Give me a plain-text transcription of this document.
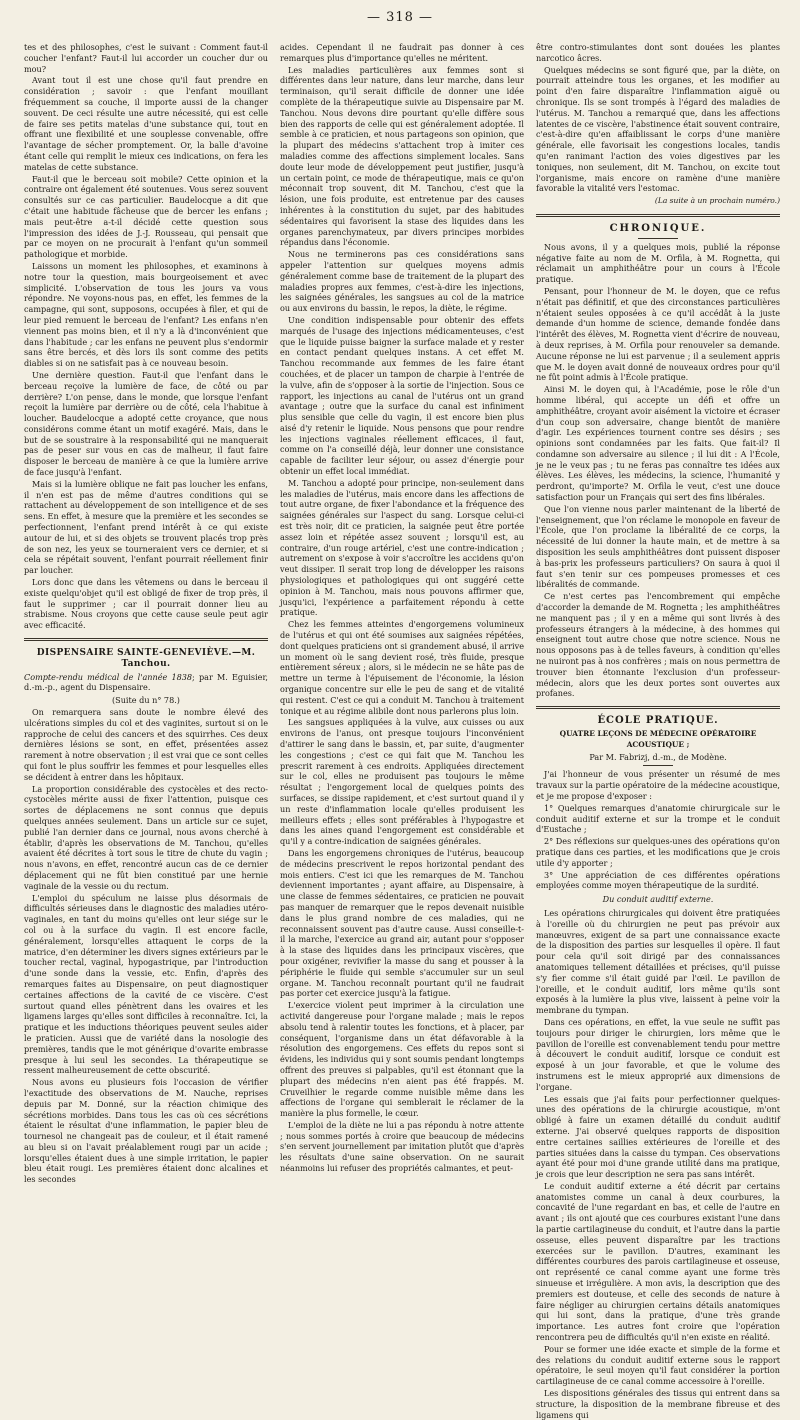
— 318 —

tes et des philosophes, c'est le suivant : Comment faut-il coucher l'enfant? Faut-il lui accorder un coucher dur ou mou?

Avant tout il est une chose qu'il faut prendre en considération ; savoir : que l'enfant mouillant fréquemment sa couche, il importe aussi de la changer souvent. De ceci résulte une autre nécessité, qui est celle de faire ses petits matelas d'une substance qui, tout en offrant une flexibilité et une souplesse convenable, offre l'avantage de sécher promptement. Or, la balle d'avoine étant celle qui remplit le mieux ces indications, on fera les matelas de cette substance.

Faut-il que le berceau soit mobile? Cette opinion et la contraire ont également été soutenues. Vous serez souvent consultés sur ce cas particulier. Baudelocque a dit que c'était une habitude fâcheuse que de bercer les enfans ; mais peut-être a-t-il décidé cette question sous l'impression des idées de J.-J. Rousseau, qui pensait que par ce moyen on ne procurait à l'enfant qu'un sommeil pathologique et morbide.

Laissons un moment les philosophes, et examinons à notre tour la question, mais bourgeoisement et avec simplicité. L'observation de tous les jours va vous répondre. Ne voyons-nous pas, en effet, les femmes de la campagne, qui sont, supposons, occupées à filer, et qui de leur pied remuent le berceau de l'enfant? Les enfans n'en viennent pas moins bien, et il n'y a là d'inconvénient que dans l'habitude ; car les enfans ne peuvent plus s'endormir sans être bercés, et dès lors ils sont comme des petits diables si on ne satisfait pas à ce nouveau besoin.

Une dernière question. Faut-il que l'enfant dans le berceau reçoive la lumière de face, de côté ou par derrière? L'on pense, dans le monde, que lorsque l'enfant reçoit la lumière par derrière ou de côté, cela l'habitue à loucher. Baudelocque a adopté cette croyance, que nous considérons comme étant un motif exagéré. Mais, dans le but de se soustraire à la responsabilité qui ne manquerait pas de peser sur vous en cas de malheur, il faut faire disposer le berceau de manière à ce que la lumière arrive de face jusqu'à l'enfant.

Mais si la lumière oblique ne fait pas loucher les enfans, il n'en est pas de même d'autres conditions qui se rattachent au développement de son intelligence et de ses sens. En effet, à mesure que la première et les secondes se perfectionnent, l'enfant prend intérêt à ce qui existe autour de lui, et si des objets se trouvent placés trop près de son nez, les yeux se tourneraient vers ce dernier, et si cela se répétait souvent, l'enfant pourrait réellement finir par loucher.

Lors donc que dans les vêtemens ou dans le berceau il existe quelqu'objet qu'il est obligé de fixer de trop près, il faut le supprimer ; car il pourrait donner lieu au strabisme. Nous croyons que cette cause seule peut agir avec efficacité.

DISPENSAIRE SAINTE-GENEVIÈVE.—M. Tanchou.
Compte-rendu médical de l'année 1838; par M. Eguisier, d.-m.-p., agent du Dispensaire.
(Suite du n° 78.)

On remarquera sans doute le nombre élevé des ulcérations simples du col et des vaginites, surtout si on le rapproche de celui des cancers et des squirrhes. Ces deux dernières lésions se sont, en effet, présentées assez rarement à notre observation ; il est vrai que ce sont celles qui font le plus souffrir les femmes et pour lesquelles elles se décident à entrer dans les hôpitaux.

La proportion considérable des cystocèles et des recto-cystocèles mérite aussi de fixer l'attention, puisque ces sortes de déplacemens ne sont connus que depuis quelques années seulement. Dans un article sur ce sujet, publié l'an dernier dans ce journal, nous avons cherché à établir, d'après les observations de M. Tanchou, qu'elles avaient été décrites à tort sous le titre de chute du vagin ; nous n'avons, en effet, rencontré aucun cas de ce dernier déplacement qui ne fût bien constitué par une hernie vaginale de la vessie ou du rectum.

L'emploi du spéculum ne laisse plus désormais de difficultés sérieuses dans le diagnostic des maladies utéro-vaginales, en tant du moins qu'elles ont leur siége sur le col ou à la surface du vagin. Il est encore facile, généralement, lorsqu'elles attaquent le corps de la matrice, d'en déterminer les divers signes extérieurs par le toucher rectal, vaginal, hypogastrique, par l'introduction d'une sonde dans la vessie, etc. Enfin, d'après des remarques faites au Dispensaire, on peut diagnostiquer certaines affections de la cavité de ce viscère. C'est surtout quand elles pénètrent dans les ovaires et les ligamens larges qu'elles sont difficiles à reconnaître. Ici, la pratique et les inductions théoriques peuvent seules aider le praticien. Aussi que de variété dans la nosologie des premières, tandis que le mot générique d'ovarite embrasse presque à lui seul les secondes. La thérapeutique se ressent malheureusement de cette obscurité.

Nous avons eu plusieurs fois l'occasion de vérifier l'exactitude des observations de M. Nauche, reprises depuis par M. Donné, sur la réaction chimique des sécrétions morbides. Dans tous les cas où ces sécrétions étaient le résultat d'une inflammation, le papier bleu de tournesol ne changeait pas de couleur, et il était ramené au bleu si on l'avait préalablement rougi par un acide ; lorsqu'elles étaient dues à une simple irritation, le papier bleu était rougi. Les premières étaient donc alcalines et les secondes

acides. Cependant il ne faudrait pas donner à ces remarques plus d'importance qu'elles ne méritent.

Les maladies particulières aux femmes sont si différentes dans leur nature, dans leur marche, dans leur terminaison, qu'il serait difficile de donner une idée complète de la thérapeutique suivie au Dispensaire par M. Tanchou. Nous devons dire pourtant qu'elle diffère sous bien des rapports de celle qui est généralement adoptée. Il semble à ce praticien, et nous partageons son opinion, que la plupart des médecins s'attachent trop à imiter ces maladies comme des affections simplement locales. Sans doute leur mode de développement peut justifier, jusqu'à un certain point, ce mode de thérapeutique, mais ce qu'on méconnait trop souvent, dit M. Tanchou, c'est que la lésion, une fois produite, est entretenue par des causes inhérentes à la constitution du sujet, par des habitudes sédentaires qui favorisent la stase des liquides dans les organes parenchymateux, par divers principes morbides répandus dans l'économie.

Nous ne terminerons pas ces considérations sans appeler l'attention sur quelques moyens admis généralement comme base de traitement de la plupart des maladies propres aux femmes, c'est-à-dire les injections, les saignées générales, les sangsues au col de la matrice ou aux environs du bassin, le repos, la diète, le régime.

Une condition indispensable pour obtenir des effets marqués de l'usage des injections médicamenteuses, c'est que le liquide puisse baigner la surface malade et y rester en contact pendant quelques instans. A cet effet M. Tanchou recommande aux femmes de les faire étant couchées, et de placer un tampon de charpie à l'entrée de la vulve, afin de s'opposer à la sortie de l'injection. Sous ce rapport, les injections au canal de l'utérus ont un grand avantage ; outre que la surface du canal est infiniment plus sensible que celle du vagin, il est encore bien plus aisé d'y retenir le liquide. Nous pensons que pour rendre les injections vaginales réellement efficaces, il faut, comme on l'a conseillé déjà, leur donner une consistance capable de faciliter leur séjour, ou assez d'énergie pour obtenir un effet local immédiat.

M. Tanchou a adopté pour principe, non-seulement dans les maladies de l'utérus, mais encore dans les affections de tout autre organe, de fixer l'abondance et la fréquence des saignées générales sur l'aspect du sang. Lorsque celui-ci est très noir, dit ce praticien, la saignée peut être portée assez loin et répétée assez souvent ; lorsqu'il est, au contraire, d'un rouge artériel, c'est une contre-indication ; autrement on s'expose à voir s'accroître les accidens qu'on veut dissiper. Il serait trop long de développer les raisons physiologiques et pathologiques qui ont suggéré cette opinion à M. Tanchou, mais nous pouvons affirmer que, jusqu'ici, l'expérience a parfaitement répondu à cette pratique.

Chez les femmes atteintes d'engorgemens volumineux de l'utérus et qui ont été soumises aux saignées répétées, dont quelques praticiens ont si grandement abusé, il arrive un moment où le sang devient rosé, très fluide, presque entièrement séreux ; alors, si le médecin ne se hâte pas de mettre un terme à l'épuisement de l'économie, la lésion organique concentre sur elle le peu de sang et de vitalité qui restent. C'est ce qui a conduit M. Tanchou à traitement tonique et au régime alibile dont nous parlerons plus loin.

Les sangsues appliquées à la vulve, aux cuisses ou aux environs de l'anus, ont presque toujours l'inconvénient d'attirer le sang dans le bassin, et, par suite, d'augmenter les congestions ; c'est ce qui fait que M. Tanchou les prescrit rarement à ces endroits. Appliquées directement sur le col, elles ne produisent pas toujours le même résultat ; l'engorgement local de quelques points des surfaces, se dissipe rapidement, et c'est surtout quand il y un reste d'inflammation locale qu'elles produisent les meilleurs effets ; elles sont préférables à l'hypogastre et dans les aines quand l'engorgement est considérable et qu'il y a contre-indication de saignées générales.

Dans les engorgemens chroniques de l'utérus, beaucoup de médecins prescrivent le repos horizontal pendant des mois entiers. C'est ici que les remarques de M. Tanchou deviennent importantes ; ayant affaire, au Dispensaire, à une classe de femmes sédentaires, ce praticien ne pouvait pas manquer de remarquer que le repos devenait nuisible dans le plus grand nombre de ces maladies, qui ne reconnaissent souvent pas d'autre cause. Aussi conseille-t-il la marche, l'exercice au grand air, autant pour s'opposer à la stase des liquides dans les principaux viscères, que pour oxigéner, revivifier la masse du sang et pousser à la périphérie le fluide qui semble s'accumuler sur un seul organe. M. Tanchou reconnaît pourtant qu'il ne faudrait pas porter cet exercice jusqu'à la fatigue.

L'exercice violent peut imprimer à la circulation une activité dangereuse pour l'organe malade ; mais le repos absolu tend à ralentir toutes les fonctions, et à placer, par conséquent, l'organisme dans un état défavorable à la résolution des engorgemens. Ces effets du repos sont si évidens, les individus qui y sont soumis pendant longtemps offrent des preuves si palpables, qu'il est étonnant que la plupart des médecins n'en aient pas été frappés. M. Cruveilhier le regarde comme nuisible même dans les affections de l'organe qui semblerait le réclamer de la manière la plus formelle, le cœur.

L'emploi de la diète ne lui a pas répondu à notre attente ; nous sommes portés à croire que beaucoup de médecins s'en servent journellement par imitation plutôt que d'après les résultats d'une saine observation. On ne saurait néanmoins lui refuser des propriétés calmantes, et peut-

être contro-stimulantes dont sont douées les plantes narcotico âcres.

Quelques médecins se sont figuré que, par la diète, on pourrait atteindre tous les organes, et les modifier au point d'en faire disparaître l'inflammation aiguë ou chronique. Ils se sont trompés à l'égard des maladies de l'utérus. M. Tanchou a remarqué que, dans les affections latentes de ce viscère, l'abstinence était souvent contraire, c'est-à-dire qu'en affaiblissant le corps d'une manière générale, elle favorisait les congestions locales, tandis qu'en ranimant l'action des voies digestives par les toniques, non seulement, dit M. Tanchou, on excite tout l'organisme, mais encore on ramène d'une manière favorable la vitalité vers l'estomac.

(La suite à un prochain numéro.)
CHRONIQUE.

Nous avons, il y a quelques mois, publié la réponse négative faite au nom de M. Orfila, à M. Rognetta, qui réclamait un amphithéâtre pour un cours à l'École pratique.

Pensant, pour l'honneur de M. le doyen, que ce refus n'était pas définitif, et que des circonstances particulières n'étaient seules opposées à ce qu'il accédât à la juste demande d'un homme de science, demande fondée dans l'intérêt des élèves, M. Rognetta vient d'écrire de nouveau, à deux reprises, à M. Orfila pour renouveler sa demande. Aucune réponse ne lui est parvenue ; il a seulement appris que M. le doyen avait donné de nouveaux ordres pour qu'il ne fût point admis à l'École pratique.

Ainsi M. le doyen qui, à l'Académie, pose le rôle d'un homme libéral, qui accepte un défi et offre un amphithéâtre, croyant avoir aisément la victoire et écraser d'un coup son adversaire, change bientôt de manière d'agir. Les expériences tournent contre ses désirs ; ses opinions sont condamnées par les faits. Que fait-il? Il condamne son adversaire au silence ; il lui dit : A l'École, je ne le veux pas ; tu ne feras pas connaître tes idées aux élèves. Les élèves, les médecins, la science, l'humanité y perdront, qu'importe? M. Orfila le veut, c'est une douce satisfaction pour un Français qui sert des fins libérales.

Que l'on vienne nous parler maintenant de la liberté de l'enseignement, que l'on réclame le monopole en faveur de l'École, que l'on proclame la libéralité de ce corps, la nécessité de lui donner la haute main, et de mettre à sa disposition les seuls amphithéâtres dont puissent disposer à bas-prix les professeurs particuliers? On saura à quoi il faut s'en tenir sur ces pompeuses promesses et ces libéralités de commande.

Ce n'est certes pas l'encombrement qui empêche d'accorder la demande de M. Rognetta ; les amphithéâtres ne manquent pas ; il y en a même qui sont livrés à des professeurs étrangers à la médecine, à des hommes qui enseignent tout autre chose que notre science. Nous ne nous opposons pas à de telles faveurs, à condition qu'elles ne nuiront pas à nos confrères ; mais on nous permettra de trouver bien étonnante l'exclusion d'un professeur-médecin, alors que les deux portes sont ouvertes aux profanes.

ÉCOLE PRATIQUE.
QUATRE LEÇONS DE MÉDECINE OPÉRATOIRE ACOUSTIQUE ;
Par M. Fabrizj, d.-m., de Modène.

J'ai l'honneur de vous présenter un résumé de mes travaux sur la partie opératoire de la médecine acoustique, et je me propose d'exposer :

1° Quelques remarques d'anatomie chirurgicale sur le conduit auditif externe et sur la trompe et le conduit d'Eustache ;

2° Des réflexions sur quelques-unes des opérations qu'on pratique dans ces parties, et les modifications que je crois utile d'y apporter ;

3° Une appréciation de ces différentes opérations employées comme moyen thérapeutique de la surdité.

Du conduit auditif externe.

Les opérations chirurgicales qui doivent être pratiquées à l'oreille où du chirurgien ne peut pas prévoir aux manœuvres, exigent de sa part une connaissance exacte de la disposition des parties sur lesquelles il opère. Il faut pour cela qu'il soit dirigé par des connaissances anatomiques tellement détaillées et précises, qu'il puisse s'y fier comme s'il était guidé par l'œil. Le pavillon de l'oreille, et le conduit auditif, lors même qu'ils sont exposés à la lumière la plus vive, laissent à peine voir la membrane du tympan.

Dans ces opérations, en effet, la vue seule ne suffit pas toujours pour diriger le chirurgien, lors même que le pavillon de l'oreille est convenablement tendu pour mettre à découvert le conduit auditif, lorsque ce conduit est exposé à un jour favorable, et que le volume des instrumens est le mieux approprié aux dimensions de l'organe.

Les essais que j'ai faits pour perfectionner quelques-unes des opérations de la chirurgie acoustique, m'ont obligé à faire un examen détaillé du conduit auditif externe. J'ai observé quelques rapports de disposition entre certaines saillies extérieures de l'oreille et des parties situées dans la caisse du tympan. Ces observations ayant été pour moi d'une grande utilité dans ma pratique, je crois que leur description ne sera pas sans intérêt.

Le conduit auditif externe a été décrit par certains anatomistes comme un canal à deux courbures, la concavité de l'une regardant en bas, et celle de l'autre en avant ; ils ont ajouté que ces courbures existant l'une dans la partie cartilagineuse du conduit, et l'autre dans la partie osseuse, elles peuvent disparaître par les tractions exercées sur le pavillon. D'autres, examinant les différentes courbures des parois cartilagineuse et osseuse, ont représenté ce canal comme ayant une forme très sinueuse et irrégulière. A mon avis, la description que des premiers est douteuse, et celle des seconds de nature à faire négliger au chirurgien certains détails anatomiques qui lui sont, dans la pratique, d'une très grande importance. Les autres font croire que l'opération rencontrera peu de difficultés qu'il n'en existe en réalité.

Pour se former une idée exacte et simple de la forme et des relations du conduit auditif externe sous le rapport opératoire, le seul moyen qu'il faut considérer la portion cartilagineuse de ce canal comme accessoire à l'oreille.

Les dispositions générales des tissus qui entrent dans sa structure, la disposition de la membrane fibreuse et des ligamens qui
